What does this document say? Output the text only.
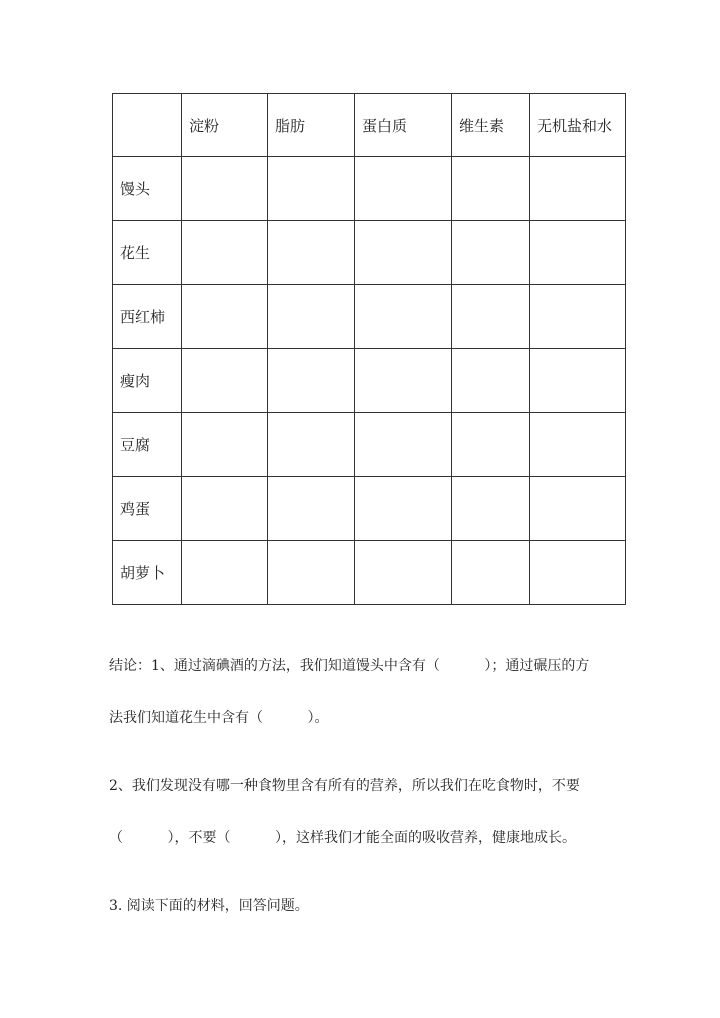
	淀粉	脂肪	蛋白质	维生素	无机盐和水
馒头					
花生					
西红柿					
瘦肉					
豆腐					
鸡蛋					
胡萝卜					
结论：1、通过滴碘酒的方法，我们知道馒头中含有（          ）；通过碾压的方
法我们知道花生中含有（          ）。
2、我们发现没有哪一种食物里含有所有的营养，所以我们在吃食物时，不要
（          ），不要（          ），这样我们才能全面的吸收营养，健康地成长。
3. 阅读下面的材料，回答问题。
